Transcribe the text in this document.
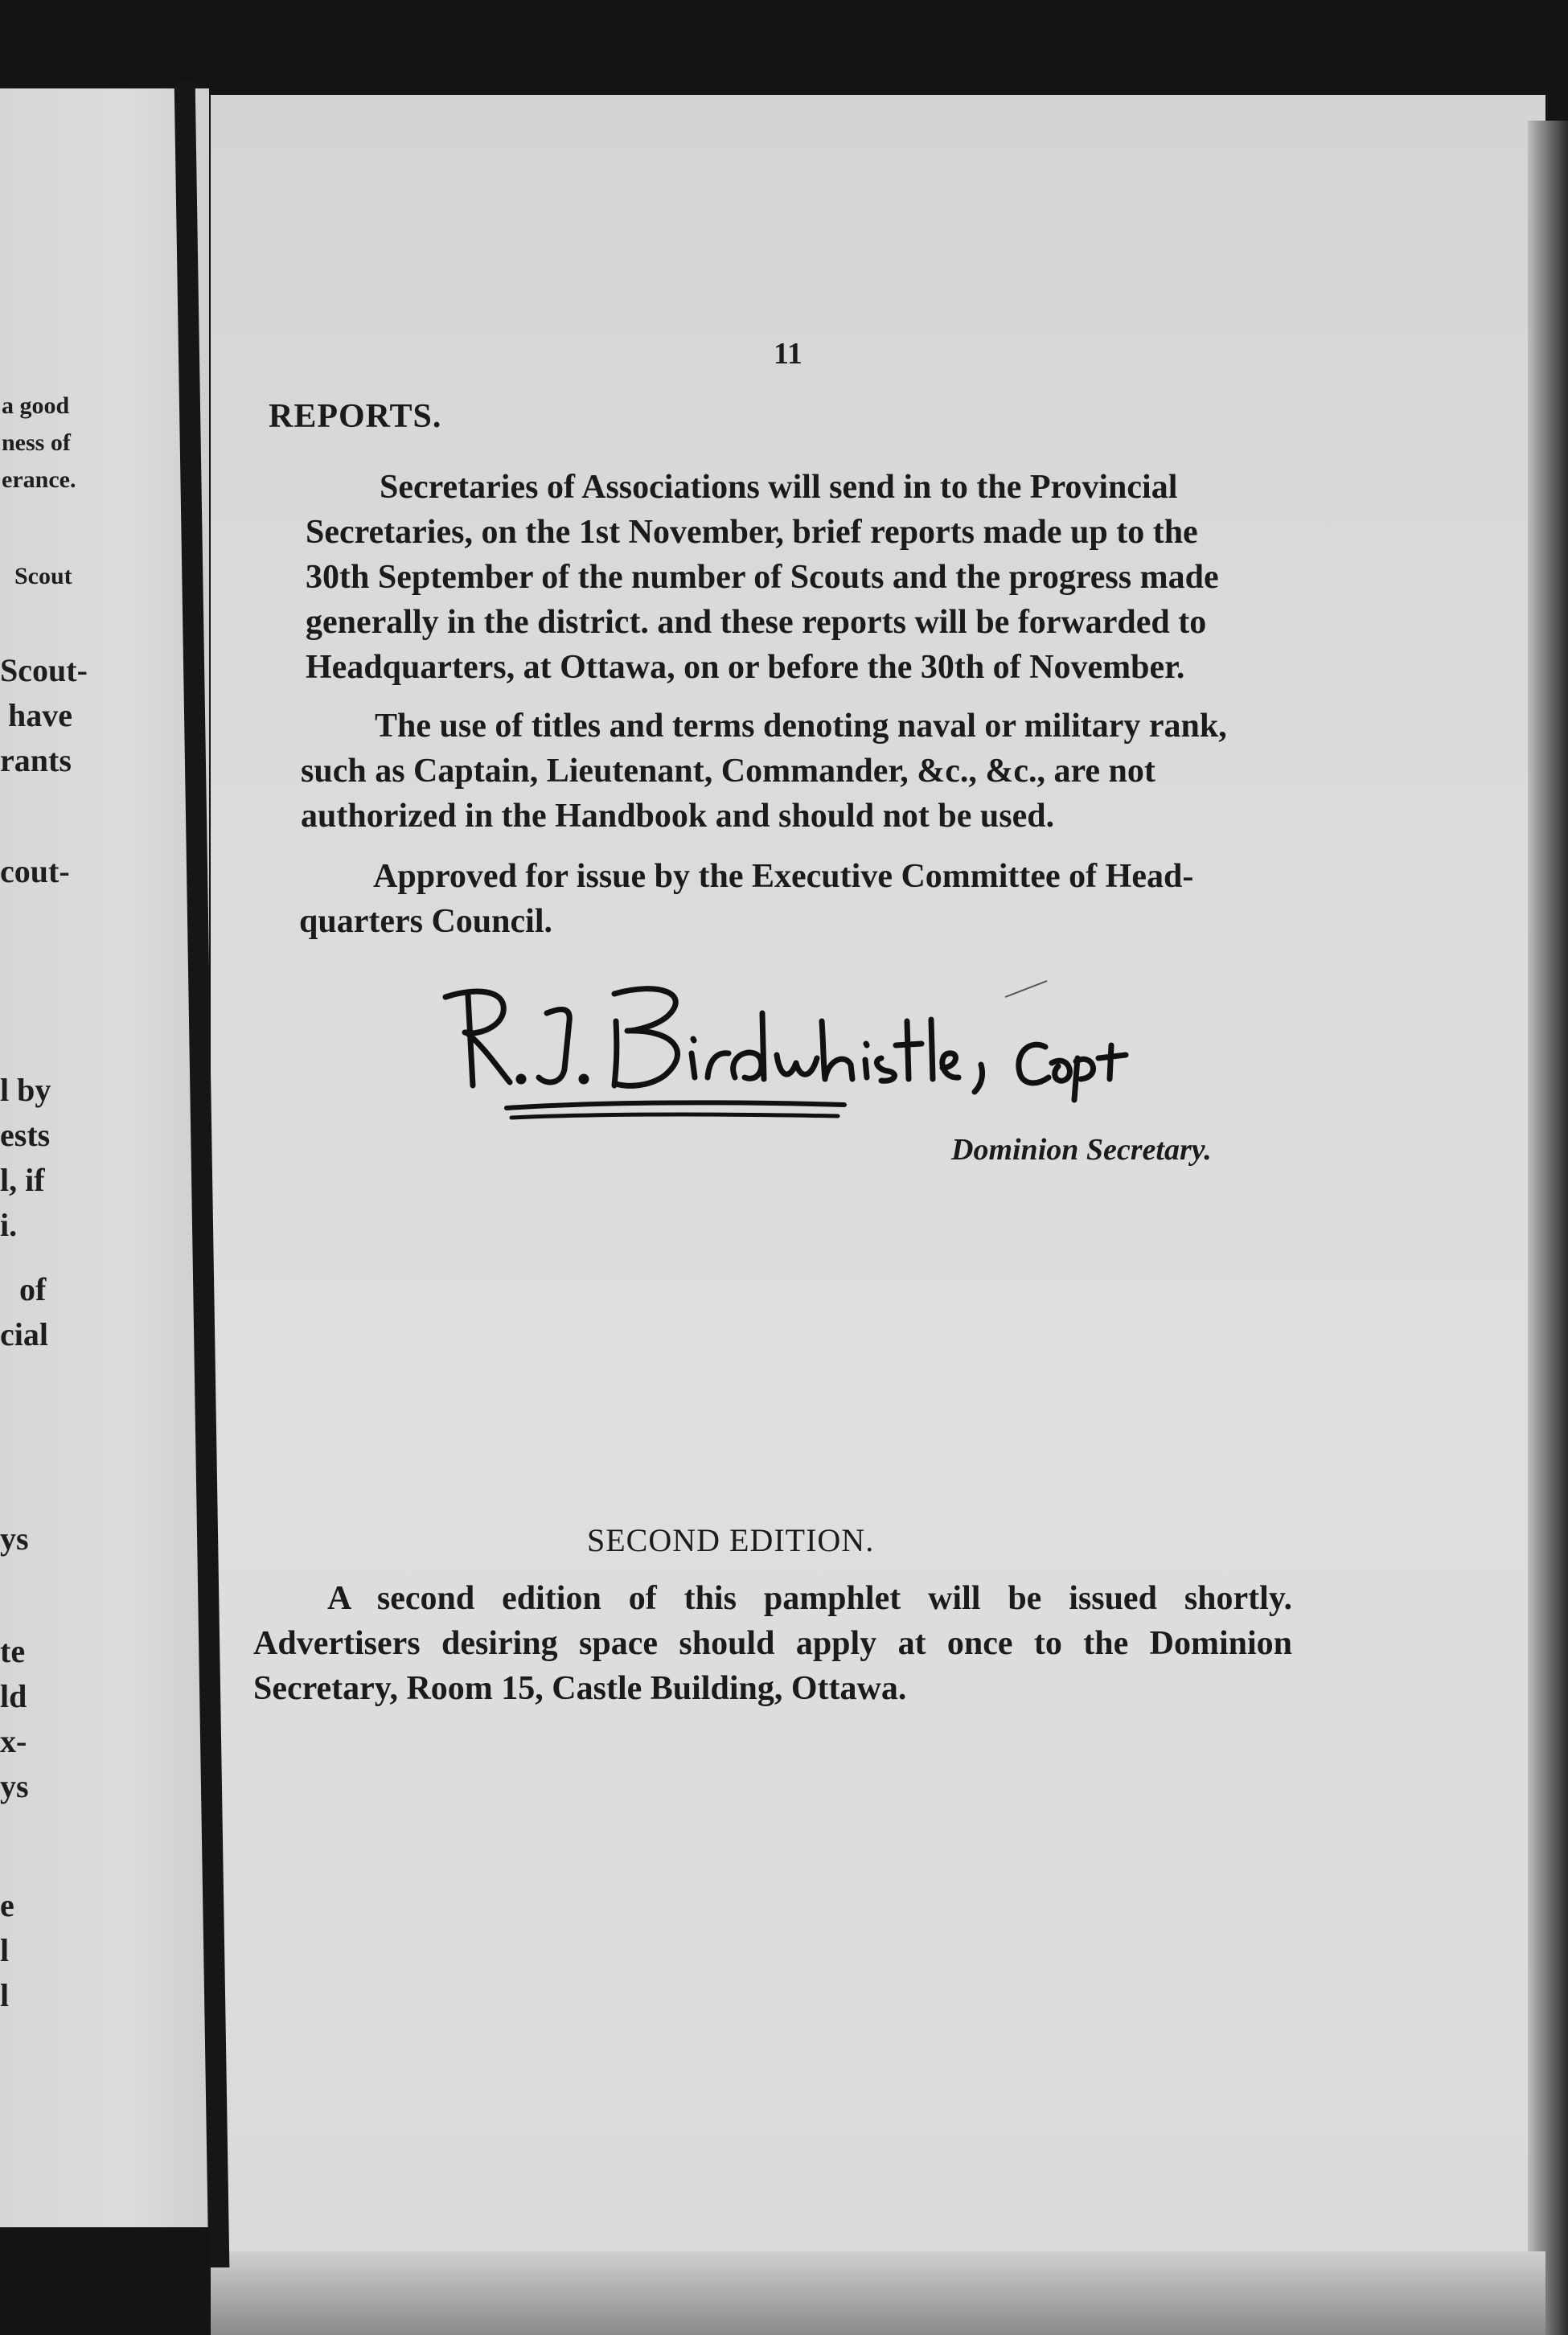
a good
ness of
erance.
Scout
Scout-
have
rants
cout-
l by
ests
l, if
i.
of
cial
ys
te
ld
x-
ys
e
l
l
11
REPORTS.
Secretaries of Associations will send in to the Provincial
Secretaries, on the 1st November, brief reports made up to the
30th September of the number of Scouts and the progress made
generally in the district. and these reports will be forwarded to
Headquarters, at Ottawa, on or before the 30th of November.
The use of titles and terms denoting naval or military rank,
such as Captain, Lieutenant, Commander, &c., &c., are not
authorized in the Handbook and should not be used.
Approved for issue by the Executive Committee of Head-
quarters Council.
Dominion Secretary.
SECOND EDITION.
A second edition of this pamphlet will be issued shortly.
Advertisers desiring space should apply at once to the Dominion
Secretary, Room 15, Castle Building, Ottawa.
